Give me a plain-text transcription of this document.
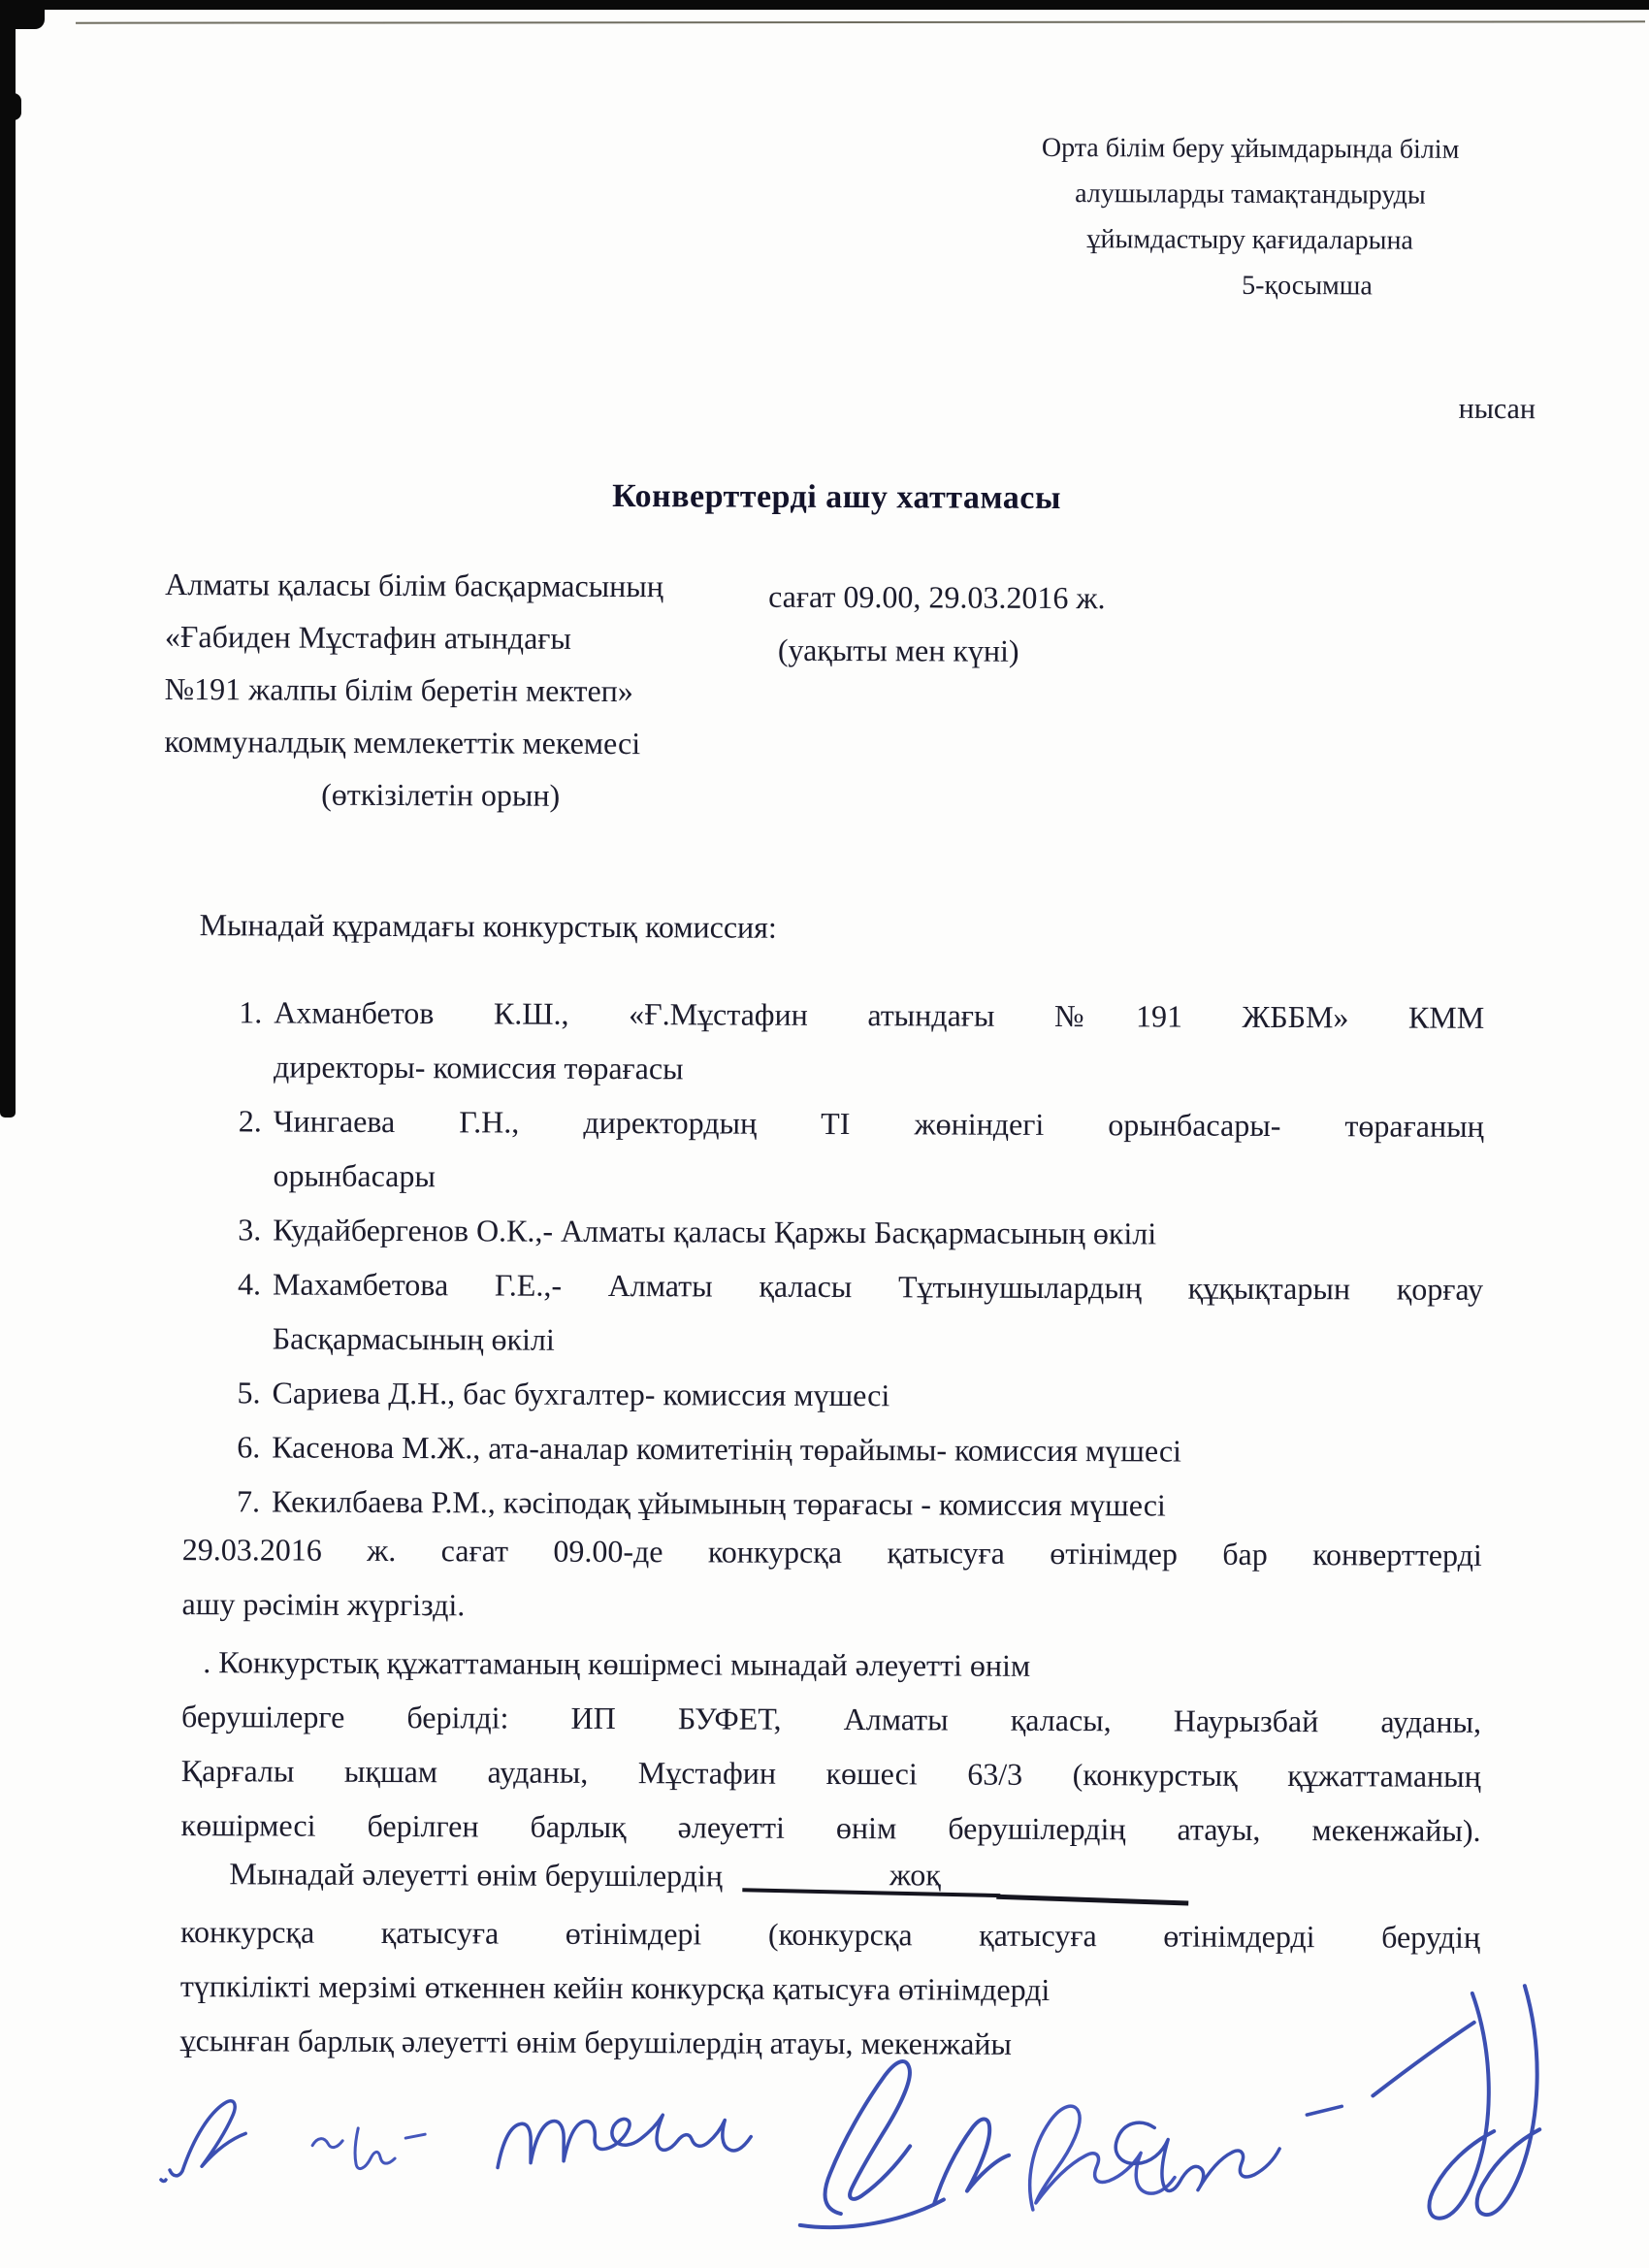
Орта білім беру ұйымдарында білім
алушыларды тамақтандыруды
ұйымдастыру қағидаларына
5-қосымша
нысан
Конверттерді ашу хаттамасы
Алматы қаласы білім басқармасының
«Ғабиден Мұстафин атындағы
№191 жалпы білім беретін мектеп»
коммуналдық мемлекеттік мекемесі
(өткізілетін орын)
сағат 09.00, 29.03.2016 ж.
(уақыты мен күні)
Мынадай құрамдағы конкурстық комиссия:
1. Ахманбетов К.Ш., «Ғ.Мұстафин атындағы №191 ЖББМ» КММ
директоры- комиссия төрағасы
2. Чингаева Г.Н., директордың ТІ жөніндегі орынбасары- төрағаның
орынбасары
3. Кудайбергенов О.К.,- Алматы қаласы Қаржы Басқармасының өкілі
4. Махамбетова Г.Е.,- Алматы қаласы Тұтынушылардың құқықтарын қорғау
Басқармасының өкілі
5. Сариева Д.Н., бас бухгалтер- комиссия мүшесі
6. Касенова М.Ж., ата-аналар комитетінің төрайымы- комиссия мүшесі
7. Кекилбаева Р.М., кәсіподақ ұйымының төрағасы - комиссия мүшесі
29.03.2016 ж. сағат 09.00-де конкурсқа қатысуға өтінімдер бар конверттерді
ашу рәсімін жүргізді.
. Конкурстық құжаттаманың көшірмесі мынадай әлеуетті өнім
берушілерге берілді: ИП БУФЕТ, Алматы қаласы, Наурызбай ауданы,
Қарғалы ықшам ауданы, Мұстафин көшесі 63/3 (конкурстық құжаттаманың
көшірмесі берілген барлық әлеуетті өнім берушілердің атауы, мекенжайы).
Мынадай әлеуетті өнім берушілердің	жоқ
конкурсқа қатысуға өтінімдері (конкурсқа қатысуға өтінімдерді берудің
түпкілікті мерзімі өткеннен кейін конкурсқа қатысуға өтінімдерді
ұсынған барлық әлеуетті өнім берушілердің атауы, мекенжайы
